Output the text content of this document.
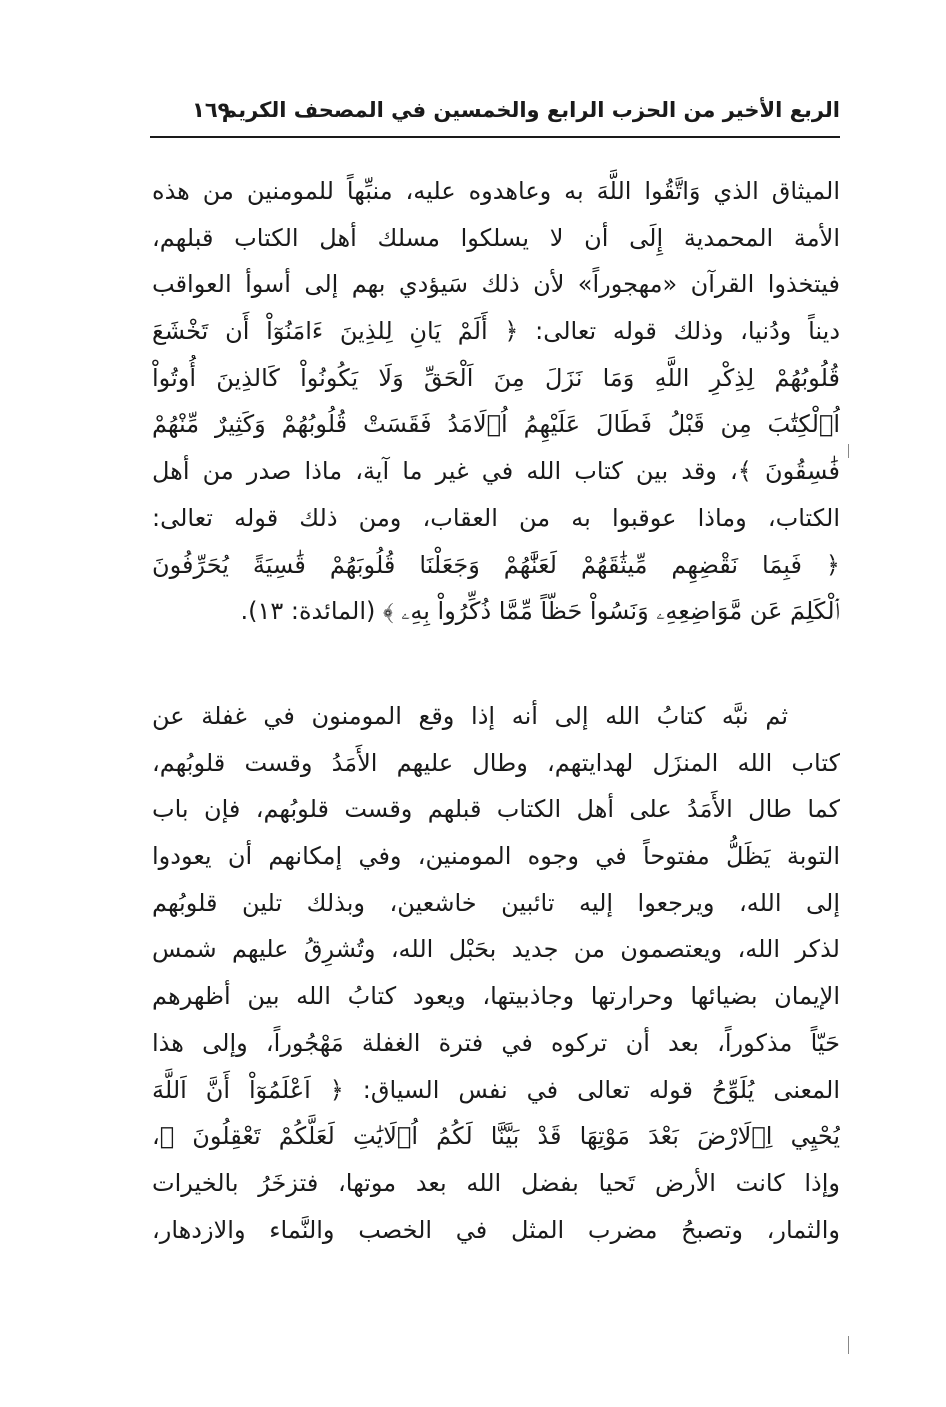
الربع الأخير من الحزب الرابع والخمسين في المصحف الكريم
١٦٩
الميثاق الذي وَاتَّقُوا اللَّهَ به وعاهدوه عليه، منبِّهاً للمومنين من هذه
الأمة المحمدية إِلَى أن لا يسلكوا مسلك أهل الكتاب قبلهم،
فيتخذوا القرآن «مهجوراً» لأن ذلك سَيؤدي بهم إلى أسوأ العواقب
ديناً ودُنيا، وذلك قوله تعالى: ﴿ أَلَمْ يَانِ لِلذِينَ ءَامَنُوٓاْ أَن تَخْشَعَ
قُلُوبُهُمْ لِذِكْرِ اللَّهِ وَمَا نَزَلَ مِنَ اَلْحَقِّ وَلَا يَكُونُواْ كَالذِينَ أُوتُواْ
اُ۬لْكِتَٰبَ مِن قَبْلُ فَطَالَ عَلَيْهِمُ اُ۬لَامَدُ فَقَسَتْ قُلُوبُهُمْ وَكَثِيرٌ مِّنْهُمْ
فَٰسِقُونَ ﴾، وقد بين كتاب الله في غير ما آية، ماذا صدر من أهل
الكتاب، وماذا عوقبوا به من العقاب، ومن ذلك قوله تعالى:
﴿ فَبِمَا نَقْضِهِم مِّيثَٰقَهُمْ لَعَنَّٰهُمْ وَجَعَلْنَا قُلُوبَهُمْ قَٰسِيَةً يُحَرِّفُونَ
اَ۬لْكَلِمَ عَن مَّوَاضِعِهِۦ وَنَسُواْ حَظّاً مِّمَّا ذُكِّرُواْ بِهِۦ ﴾ (المائدة: ١٣).
ثم نبَّه كتابُ الله إلى أنه إذا وقع المومنون في غفلة عن
كتاب الله المنزَل لهدايتهم، وطال عليهم الأَمَدُ وقست قلوبُهم،
كما طال الأَمَدُ على أهل الكتاب قبلهم وقست قلوبُهم، فإن باب
التوبة يَظَلُّ مفتوحاً في وجوه المومنين، وفي إمكانهم أن يعودوا
إلى الله، ويرجعوا إليه تائبين خاشعين، وبذلك تلين قلوبُهم
لذكر الله، ويعتصمون من جديد بحَبْل الله، وتُشرِقُ عليهم شمس
الإيمان بضيائها وحرارتها وجاذبيتها، ويعود كتابُ الله بين أظهرهم
حَيّاً مذكوراً، بعد أن تركوه في فترة الغفلة مَهْجُوراً، وإلى هذا
المعنى يُلَوِّحُ قوله تعالى في نفس السياق: ﴿ اَعْلَمُوٓاْ أَنَّ اَللَّهَ
يُحْيِي اِ۬لَارْضَ بَعْدَ مَوْتِهَا قَدْ بَيَّنَّا لَكُمُ اُ۬لَايَٰتِ لَعَلَّكُمْ تَعْقِلُونَ ﴾،
وإذا كانت الأرض تَحيا بفضل الله بعد موتها، فتزخَرُ بالخيرات
والثمار، وتصبحُ مضرب المثل في الخصب والنَّماء والازدهار،
